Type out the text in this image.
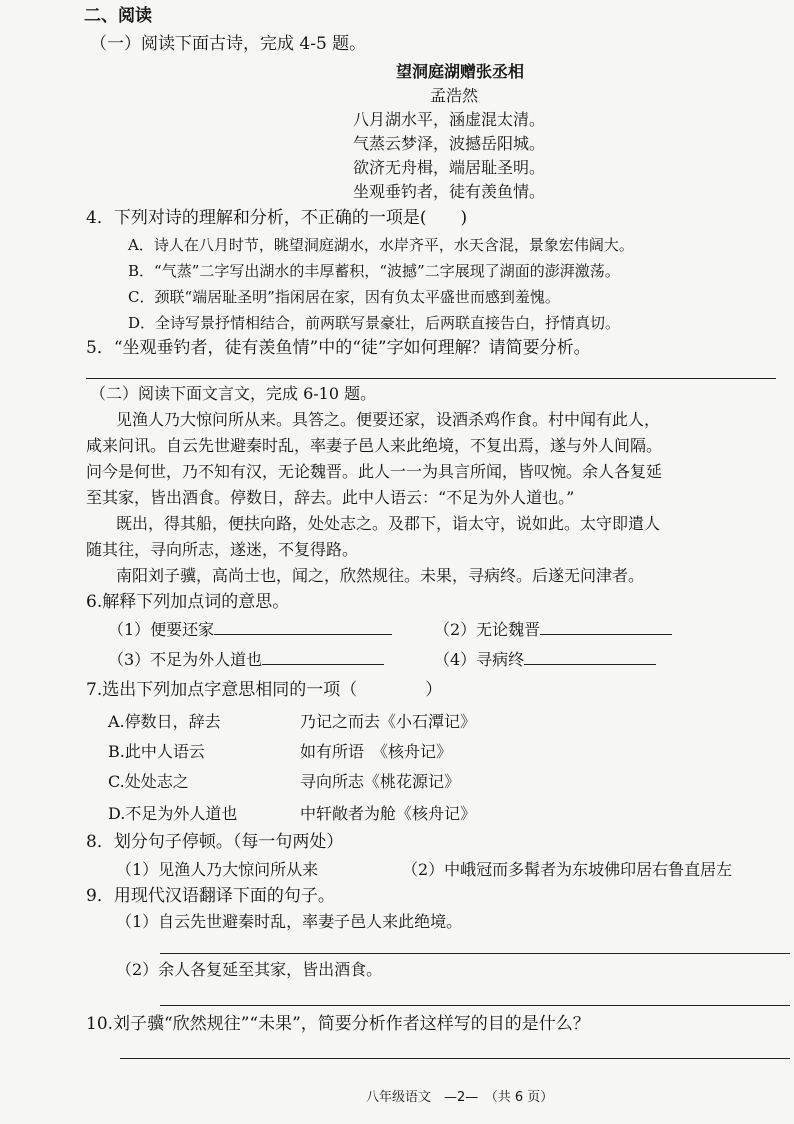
二、阅读
（一）阅读下面古诗，完成 4-5 题。
望洞庭湖赠张丞相
孟浩然
八月湖水平，涵虚混太清。
气蒸云梦泽，波撼岳阳城。
欲济无舟楫，端居耻圣明。
坐观垂钓者，徒有羡鱼情。
4．下列对诗的理解和分析，不正确的一项是(　　)
A．诗人在八月时节，眺望洞庭湖水，水岸齐平，水天含混，景象宏伟阔大。
B．“气蒸”二字写出湖水的丰厚蓄积，“波撼”二字展现了湖面的澎湃激荡。
C．颈联“端居耻圣明”指闲居在家，因有负太平盛世而感到羞愧。
D．全诗写景抒情相结合，前两联写景豪壮，后两联直接告白，抒情真切。
5．“坐观垂钓者，徒有羡鱼情”中的“徒”字如何理解？请简要分析。
（二）阅读下面文言文，完成 6-10 题。
见渔人乃大惊问所从来。具答之。便要还家，设酒杀鸡作食。村中闻有此人，
咸来问讯。自云先世避秦时乱，率妻子邑人来此绝境，不复出焉，遂与外人间隔。
问今是何世，乃不知有汉，无论魏晋。此人一一为具言所闻，皆叹惋。余人各复延
至其家，皆出酒食。停数日，辞去。此中人语云：“不足为外人道也。”
既出，得其船，便扶向路，处处志之。及郡下，诣太守，说如此。太守即遣人
随其往，寻向所志，遂迷，不复得路。
南阳刘子骥，高尚士也，闻之，欣然规往。未果，寻病终。后遂无问津者。
6.解释下列加点词的意思。
（1）便要还家	（2）无论魏晋
（3）不足为外人道也	（4）寻病终
7.选出下列加点字意思相同的一项（　　　　）
A.停数日，辞去	乃记之而去《小石潭记》
B.此中人语云	如有所语　《核舟记》
C.处处志之	寻向所志《桃花源记》
D.不足为外人道也	中轩敞者为舱《核舟记》
8．划分句子停顿。（每一句两处）
（1）见渔人乃大惊问所从来	（2）中峨冠而多髯者为东坡佛印居右鲁直居左
9．用现代汉语翻译下面的句子。
（1）自云先世避秦时乱，率妻子邑人来此绝境。
（2）余人各复延至其家，皆出酒食。
10.刘子骥“欣然规往”“未果”，简要分析作者这样写的目的是什么？
八年级语文　—2—　（共 6 页）
